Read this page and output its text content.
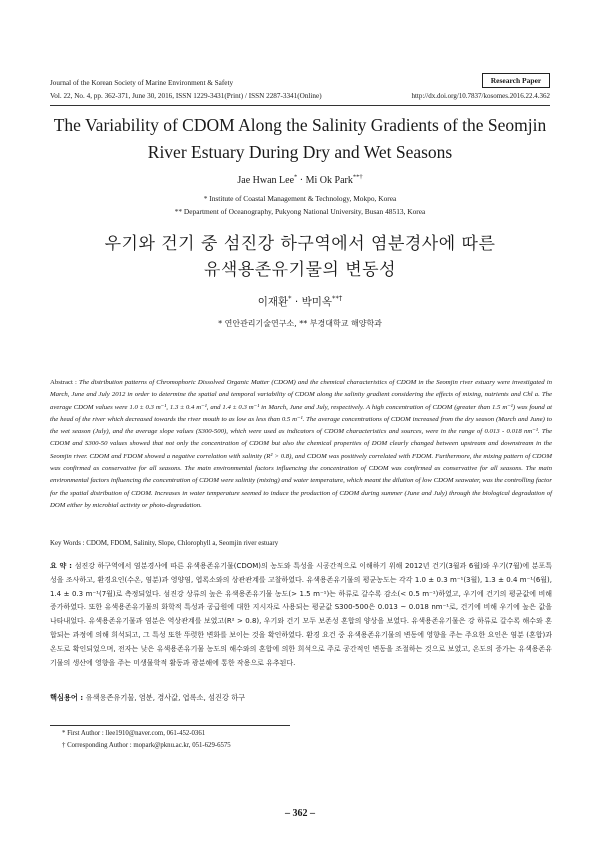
Journal of the Korean Society of Marine Environment & Safety
Vol. 22, No. 4, pp. 362-371, June 30, 2016, ISSN 1229-3431(Print) / ISSN 2287-3341(Online)
Research Paper
http://dx.doi.org/10.7837/kosomes.2016.22.4.362
The Variability of CDOM Along the Salinity Gradients of the Seomjin River Estuary During Dry and Wet Seasons
Jae Hwan Lee* · Mi Ok Park**†
* Institute of Coastal Management & Technology, Mokpo, Korea
** Department of Oceanography, Pukyong National University, Busan 48513, Korea
우기와 건기 중 섬진강 하구역에서 염분경사에 따른
유색용존유기물의 변동성
이재환* · 박미옥**†
* 연안관리기술연구소, ** 부경대학교 해양학과
Abstract : The distribution patterns of Chromophoric Dissolved Organic Matter (CDOM) and the chemical characteristics of CDOM in the Seomjin river estuary were investigated in March, June and July 2012 in order to determine the spatial and temporal variability of CDOM along the salinity gradient considering the effects of mixing, nutrients and Chl a. The average CDOM values were 1.0 ± 0.3 m⁻¹, 1.3 ± 0.4 m⁻¹, and 1.4 ± 0.3 m⁻¹ in March, June and July, respectively. A high concentration of CDOM (greater than 1.5 m⁻¹) was found at the head of the river which decreased towards the river mouth to as low as less than 0.5 m⁻¹. The average concentrations of CDOM increased from the dry season (March and June) to the wet season (July), and the average slope values (S300-500), which were used as indicators of CDOM characteristics and sources, were in the range of 0.013 - 0.018 nm⁻¹. The CDOM and S300-50 values showed that not only the concentration of CDOM but also the chemical properties of DOM clearly changed between upstream and downstream in the Seomjin river. CDOM and FDOM showed a negative correlation with salinity (R² > 0.8), and CDOM was positively correlated with FDOM. Furthermore, the mixing pattern of CDOM was confirmed as conservative for all seasons. The main environmental factors influencing the concentration of CDOM was confirmed as conservative for all seasons. The main environmental factors influencing the concentration of CDOM were salinity (mixing) and water temperature, which meant the dilution of low CDOM seawater, was the controlling factor for the spatial distribution of CDOM. Increases in water temperature seemed to induce the production of CDOM during summer (June and July) through the biological degradation of DOM either by microbial activity or photo-degradation.
Key Words : CDOM, FDOM, Salinity, Slope, Chlorophyll a, Seomjin river estuary
요 약 : 섬진강 하구역에서 염분경사에 따른 유색용존유기물(CDOM)의 농도와 특성을 시공간적으로 이해하기 위해 2012년 건기(3월과 6월)와 우기(7월)에 분포특성을 조사하고, 환경요인(수온, 염분)과 영양염, 엽록소와의 상관관계를 고찰하였다. 유색용존유기물의 평균농도는 각각 1.0 ± 0.3 m⁻¹(3월), 1.3 ± 0.4 m⁻¹(6월), 1.4 ± 0.3 m⁻¹(7월)로 측정되었다. 섬진강 상류의 높은 유색용존유기물 농도(> 1.5 m⁻¹)는 하류로 갈수록 감소(< 0.5 m⁻¹)하였고, 우기에 건기의 평균값에 비해 증가하였다. 또한 유색용존유기물의 화학적 특성과 공급원에 대한 지시자로 사용되는 평균값 S300-500은 0.013 ~ 0.018 nm⁻¹로, 건기에 비해 우기에 높은 값을 나타내었다. 유색용존유기물과 염분은 역상관계를 보였고(R² > 0.8), 우기와 건기 모두 보존성 혼합의 양상을 보였다. 유색용존유기물은 강 하류로 갈수록 해수와 혼합되는 과정에 의해 희석되고, 그 특성 또한 뚜렷한 변화를 보이는 것을 확인하였다. 환경 요건 중 유색용존유기물의 변동에 영향을 주는 주요한 요인은 염분 (혼합)과 온도로 확인되었으며, 전자는 낮은 유색용존유기물 농도의 해수와의 혼합에 의한 희석으로 주로 공간적인 변동을 조절하는 것으로 보였고, 온도의 증가는 유색용존유기물의 생산에 영향을 주는 미생물학적 활동과 광분해에 통한 작용으로 유추된다.
핵심용어 : 유색용존유기물, 염분, 경사값, 엽록소, 섬진강 하구
* First Author : llee1910@naver.com, 061-452-0361
† Corresponding Author : mopark@pknu.ac.kr, 051-629-6575
– 362 –
